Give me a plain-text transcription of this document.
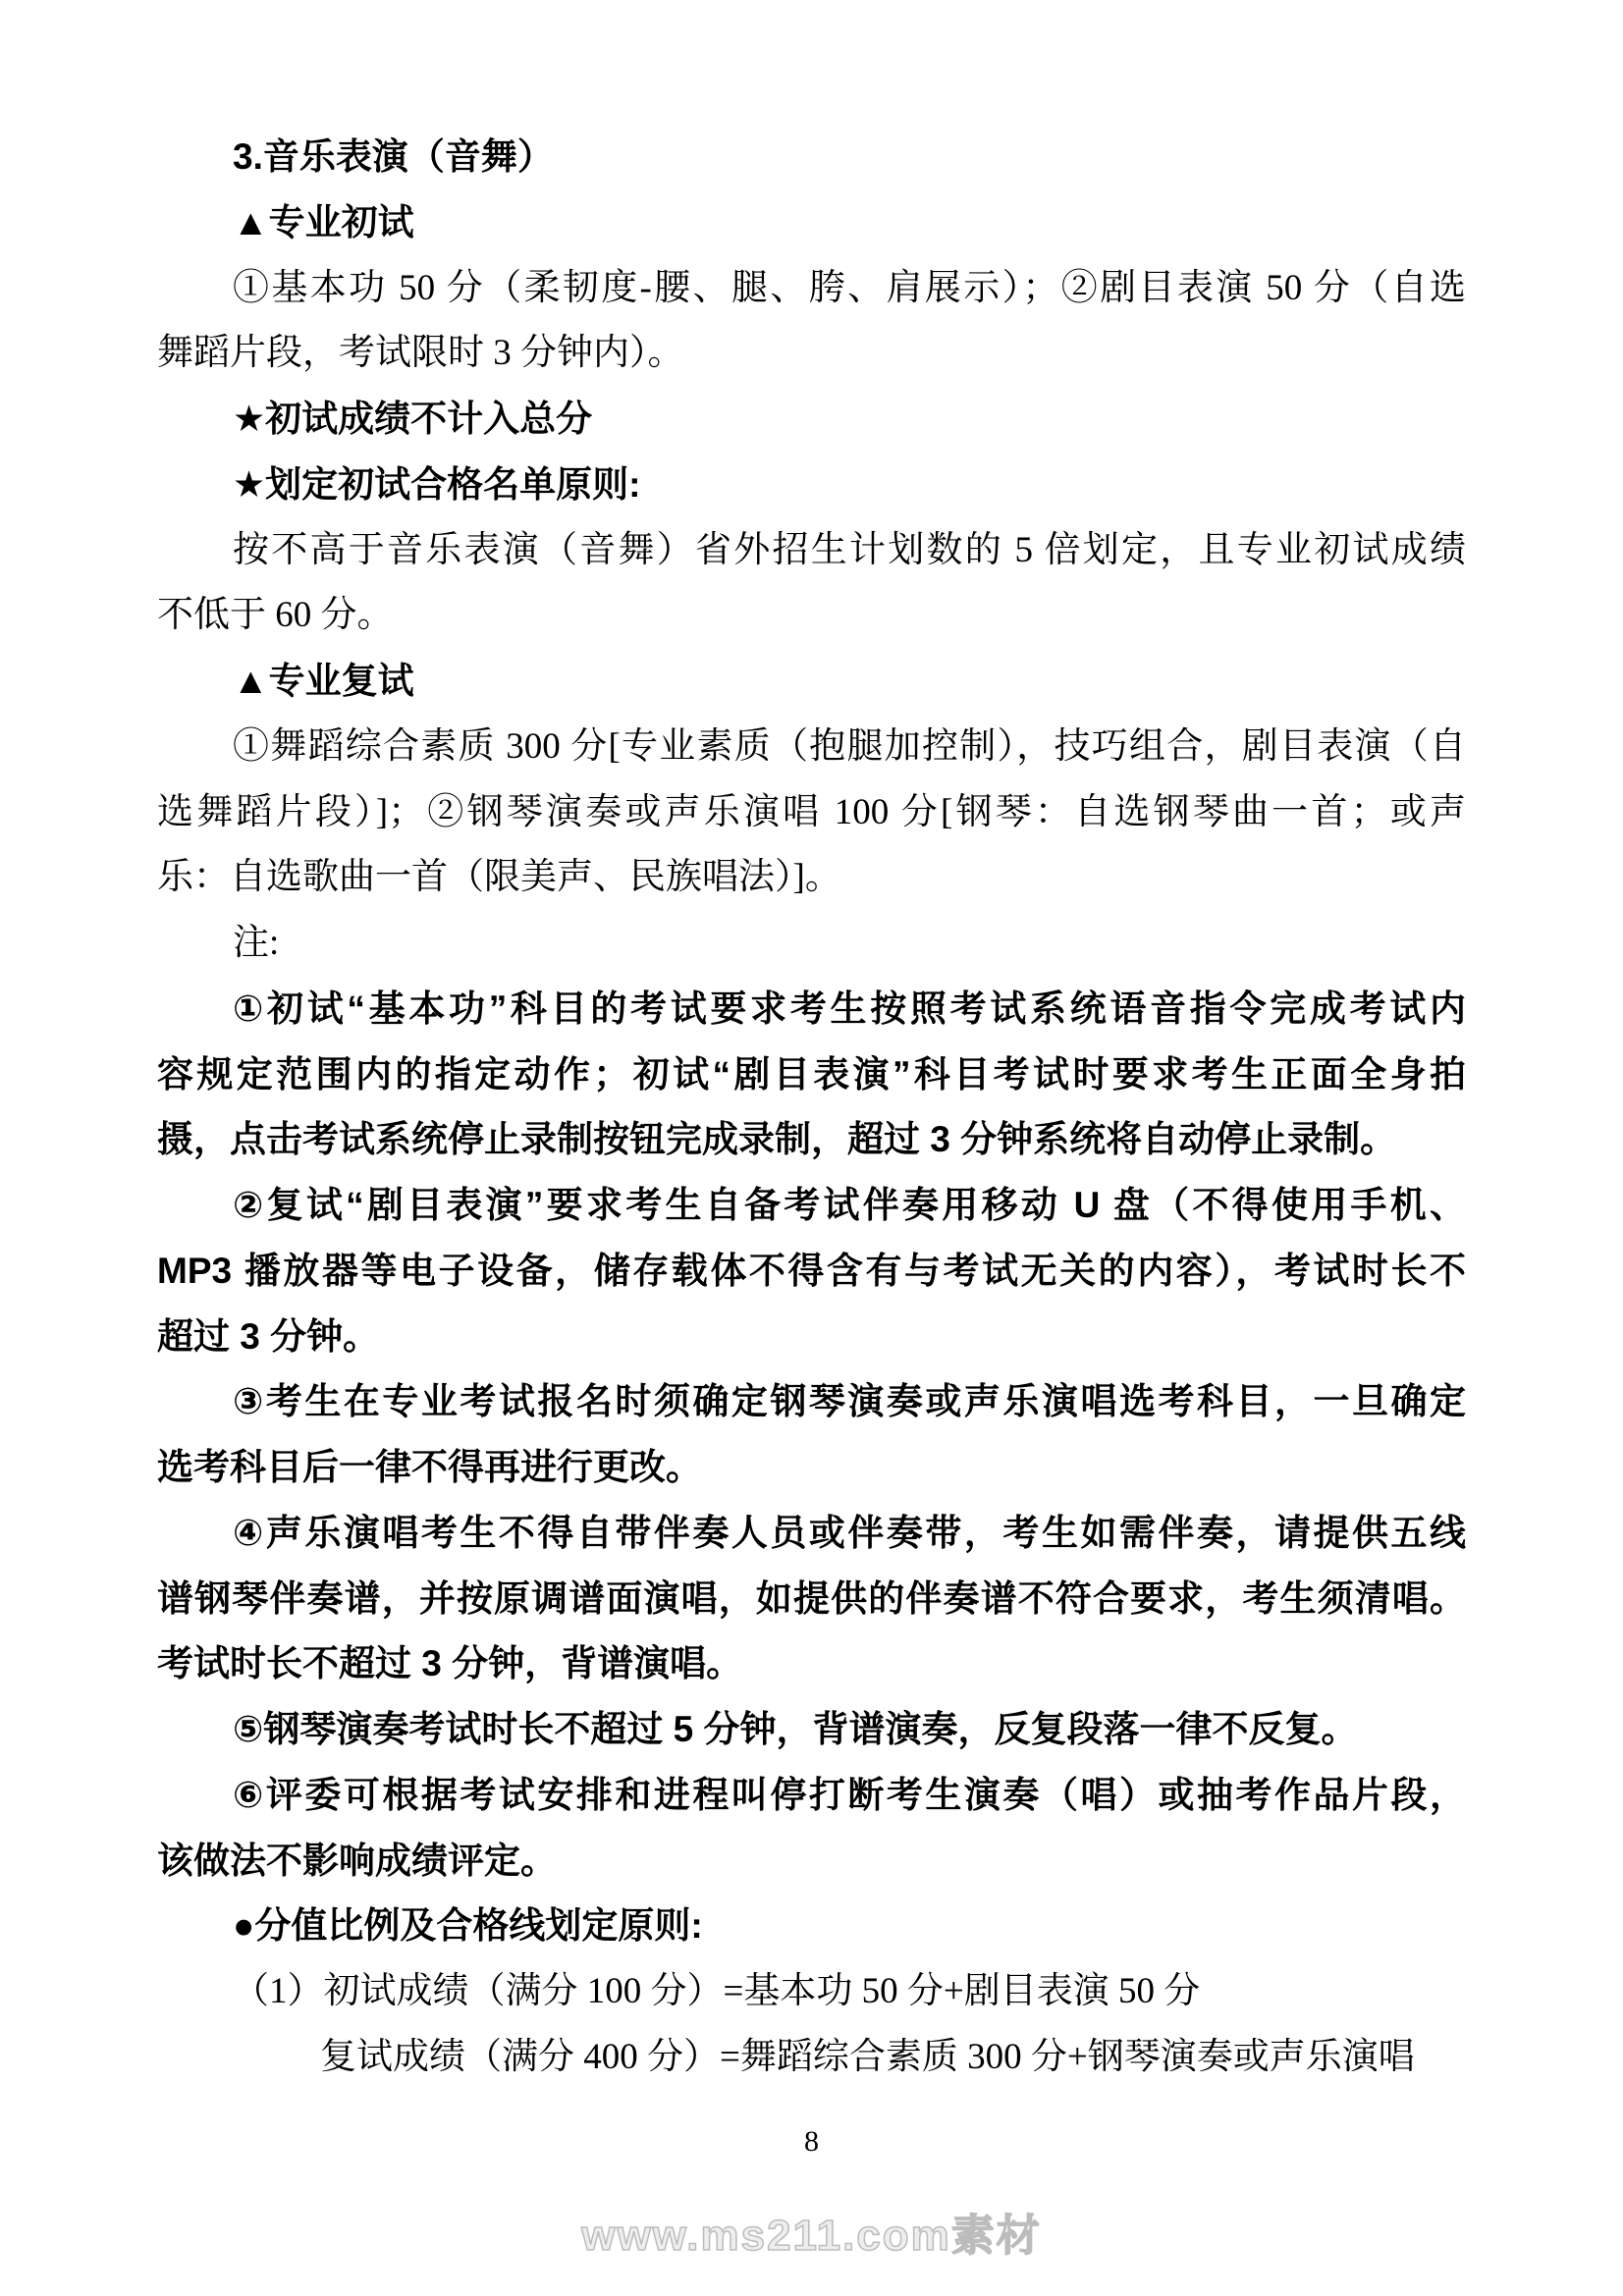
3.音乐表演（音舞）
▲专业初试
①基本功 50 分（柔韧度-腰、腿、胯、肩展示）；②剧目表演 50 分（自选
舞蹈片段，考试限时 3 分钟内）。
★初试成绩不计入总分
★划定初试合格名单原则:
按不高于音乐表演（音舞）省外招生计划数的 5 倍划定，且专业初试成绩
不低于 60 分。
▲专业复试
①舞蹈综合素质 300 分[专业素质（抱腿加控制），技巧组合，剧目表演（自
选舞蹈片段）]；②钢琴演奏或声乐演唱 100 分[钢琴：自选钢琴曲一首；或声
乐：自选歌曲一首（限美声、民族唱法）]。
注:
①初试“基本功”科目的考试要求考生按照考试系统语音指令完成考试内
容规定范围内的指定动作；初试“剧目表演”科目考试时要求考生正面全身拍
摄，点击考试系统停止录制按钮完成录制，超过 3 分钟系统将自动停止录制。
②复试“剧目表演”要求考生自备考试伴奏用移动 U 盘（不得使用手机、
MP3 播放器等电子设备，储存载体不得含有与考试无关的内容），考试时长不
超过 3 分钟。
③考生在专业考试报名时须确定钢琴演奏或声乐演唱选考科目，一旦确定
选考科目后一律不得再进行更改。
④声乐演唱考生不得自带伴奏人员或伴奏带，考生如需伴奏，请提供五线
谱钢琴伴奏谱，并按原调谱面演唱，如提供的伴奏谱不符合要求，考生须清唱。
考试时长不超过 3 分钟，背谱演唱。
⑤钢琴演奏考试时长不超过 5 分钟，背谱演奏，反复段落一律不反复。
⑥评委可根据考试安排和进程叫停打断考生演奏（唱）或抽考作品片段，
该做法不影响成绩评定。
●分值比例及合格线划定原则:
（1）初试成绩（满分 100 分）=基本功 50 分+剧目表演 50 分
复试成绩（满分 400 分）=舞蹈综合素质 300 分+钢琴演奏或声乐演唱
8
www.ms211.com素材
